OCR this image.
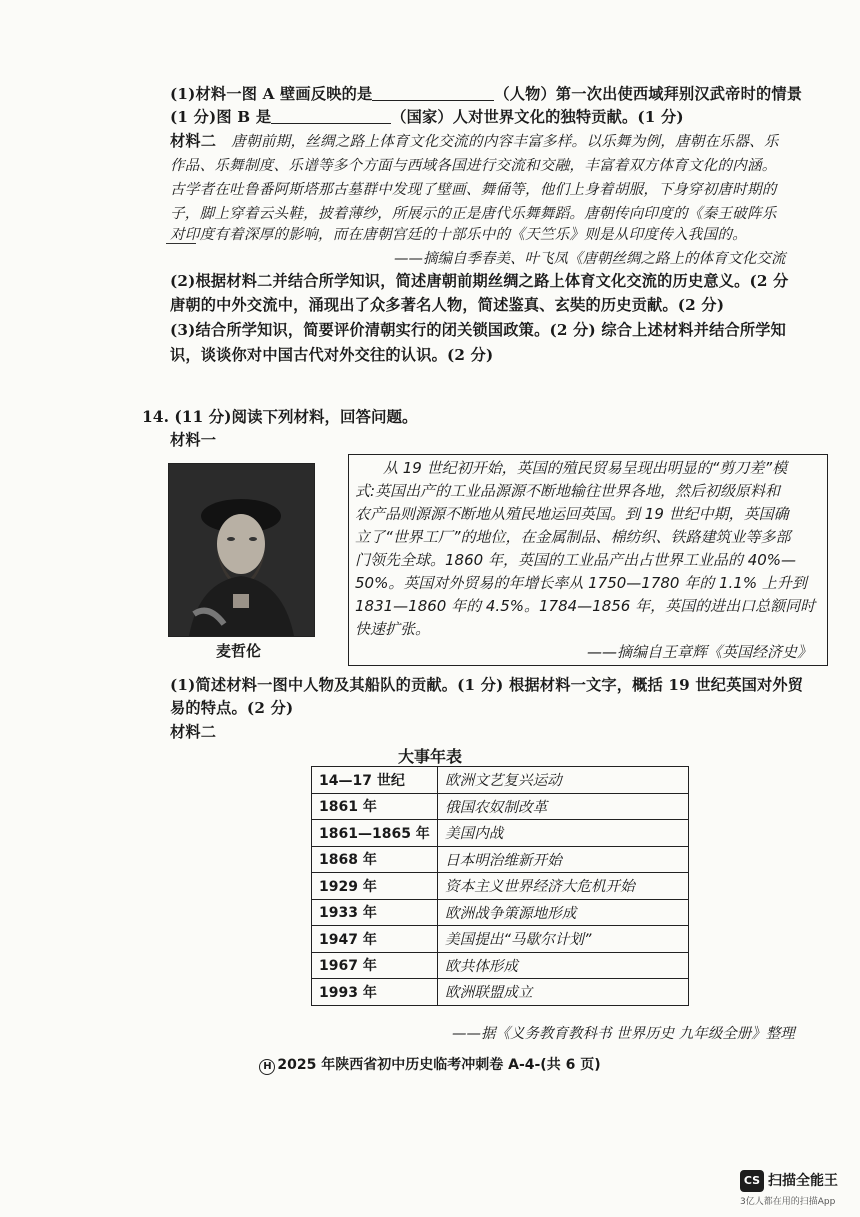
(1)材料一图 A 壁画反映的是	（人物）第一次出使西域拜别汉武帝时的情景
(1 分)图 B 是	（国家）人对世界文化的独特贡献。(1 分)
材料二 唐朝前期，丝绸之路上体育文化交流的内容丰富多样。以乐舞为例，唐朝在乐器、乐
作品、乐舞制度、乐谱等多个方面与西域各国进行交流和交融，丰富着双方体育文化的内涵。
古学者在吐鲁番阿斯塔那古墓群中发现了壁画、舞俑等，他们上身着胡服，下身穿初唐时期的
子，脚上穿着云头鞋，披着薄纱，所展示的正是唐代乐舞舞蹈。唐朝传向印度的《秦王破阵乐
对印度有着深厚的影响，而在唐朝宫廷的十部乐中的《天竺乐》则是从印度传入我国的。
——摘编自季春美、叶飞凤《唐朝丝绸之路上的体育文化交流
(2)根据材料二并结合所学知识，简述唐朝前期丝绸之路上体育文化交流的历史意义。(2 分
唐朝的中外交流中，涌现出了众多著名人物，简述鉴真、玄奘的历史贡献。(2 分)
(3)结合所学知识，简要评价清朝实行的闭关锁国政策。(2 分) 综合上述材料并结合所学知
识，谈谈你对中国古代对外交往的认识。(2 分)
14. (11 分)阅读下列材料，回答问题。
材料一
麦哲伦
从 19 世纪初开始，英国的殖民贸易呈现出明显的“剪刀差”模
式:英国出产的工业品源源不断地输往世界各地，然后初级原料和
农产品则源源不断地从殖民地运回英国。到 19 世纪中期，英国确
立了“世界工厂”的地位，在金属制品、棉纺织、铁路建筑业等多部
门领先全球。1860 年，英国的工业品产出占世界工业品的 40%—
50%。英国对外贸易的年增长率从 1750—1780 年的 1.1% 上升到
1831—1860 年的 4.5%。1784—1856 年，英国的进出口总额同时
快速扩张。
——摘编自王章辉《英国经济史》
(1)简述材料一图中人物及其船队的贡献。(1 分) 根据材料一文字，概括 19 世纪英国对外贸
易的特点。(2 分)
材料二
大事年表
14—17 世纪	欧洲文艺复兴运动
1861 年	俄国农奴制改革
1861—1865 年	美国内战
1868 年	日本明治维新开始
1929 年	资本主义世界经济大危机开始
1933 年	欧洲战争策源地形成
1947 年	美国提出“马歇尔计划”
1967 年	欧共体形成
1993 年	欧洲联盟成立
——据《义务教育教科书 世界历史 九年级全册》整理
H 2025 年陕西省初中历史临考冲刺卷 A-4-(共 6 页)
CS 扫描全能王
3亿人都在用的扫描App
